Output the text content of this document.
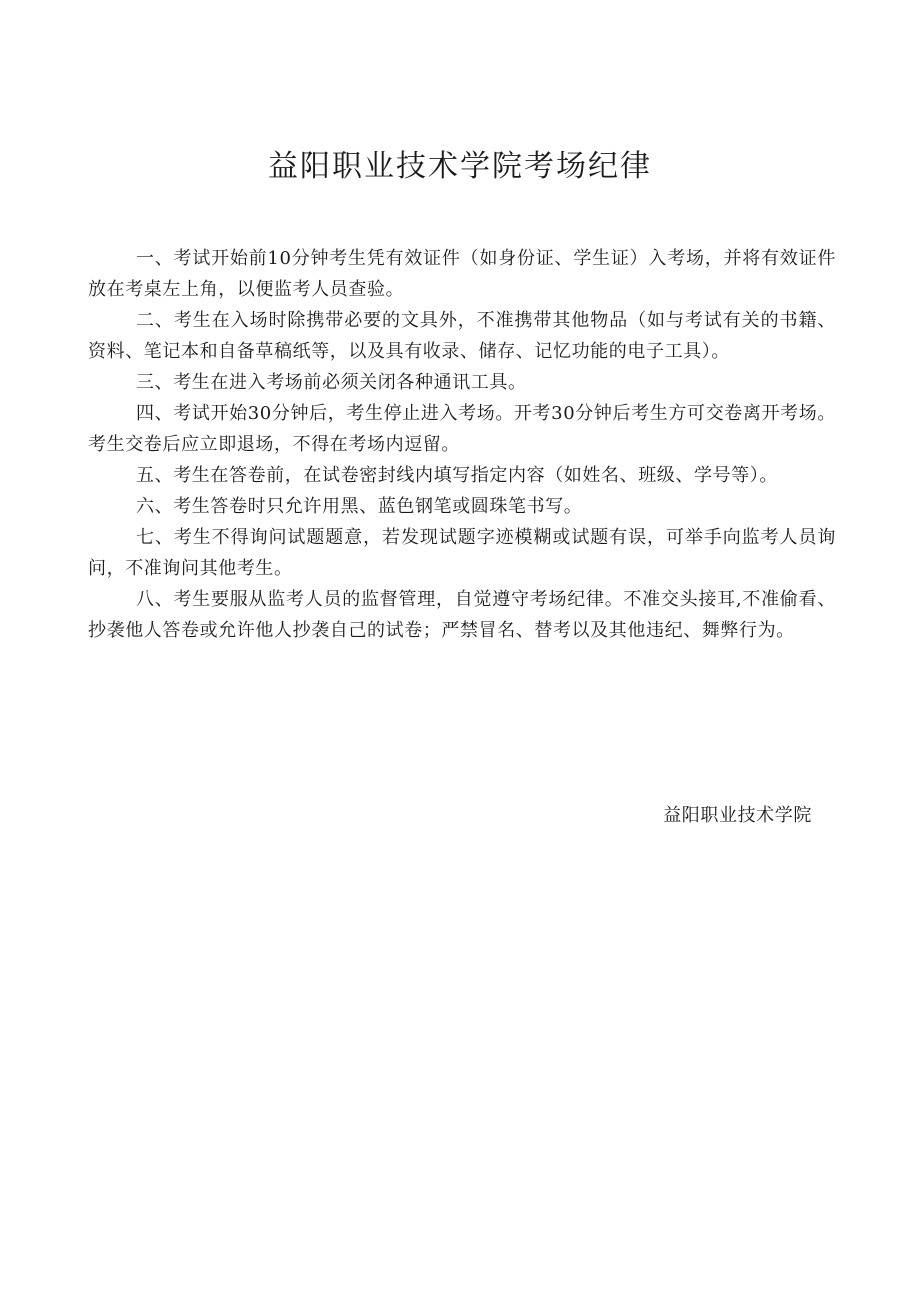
益阳职业技术学院考场纪律
一、考试开始前10分钟考生凭有效证件（如身份证、学生证）入考场，并将有效证件放在考桌左上角，以便监考人员查验。
二、考生在入场时除携带必要的文具外，不准携带其他物品（如与考试有关的书籍、资料、笔记本和自备草稿纸等，以及具有收录、储存、记忆功能的电子工具）。
三、考生在进入考场前必须关闭各种通讯工具。
四、考试开始30分钟后，考生停止进入考场。开考30分钟后考生方可交卷离开考场。考生交卷后应立即退场，不得在考场内逗留。
五、考生在答卷前，在试卷密封线内填写指定内容（如姓名、班级、学号等）。
六、考生答卷时只允许用黑、蓝色钢笔或圆珠笔书写。
七、考生不得询问试题题意，若发现试题字迹模糊或试题有误，可举手向监考人员询问，不准询问其他考生。
八、考生要服从监考人员的监督管理，自觉遵守考场纪律。不准交头接耳,不准偷看、抄袭他人答卷或允许他人抄袭自己的试卷；严禁冒名、替考以及其他违纪、舞弊行为。

益阳职业技术学院
